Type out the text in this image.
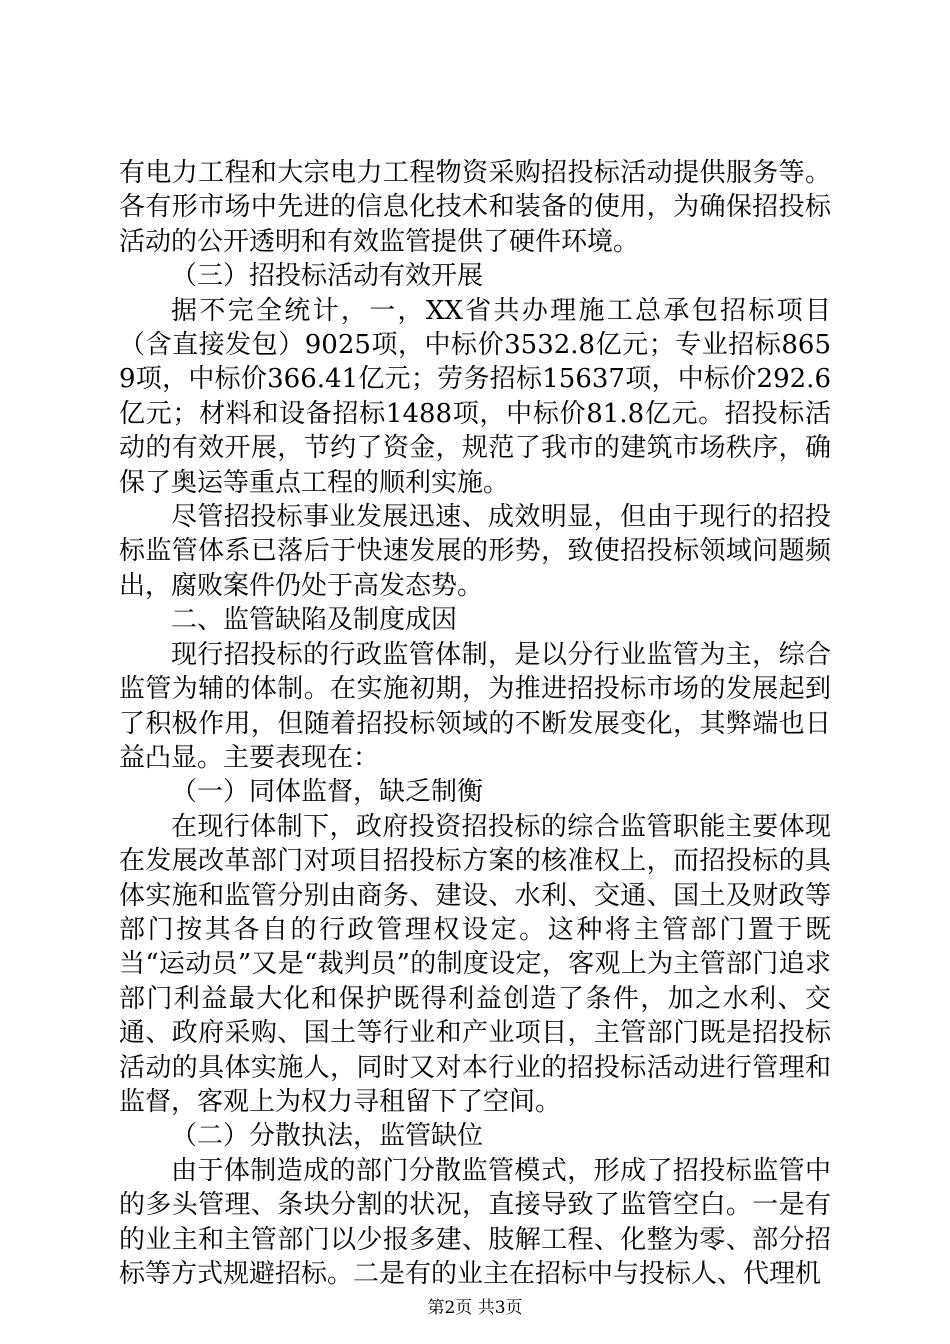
有电力工程和大宗电力工程物资采购招投标活动提供服务等。各有形市场中先进的信息化技术和装备的使用，为确保招投标活动的公开透明和有效监管提供了硬件环境。

（三）招投标活动有效开展

据不完全统计，一，XX省共办理施工总承包招标项目（含直接发包）9025项，中标价3532.8亿元；专业招标8659项，中标价366.41亿元；劳务招标15637项，中标价292.6亿元；材料和设备招标1488项，中标价81.8亿元。招投标活动的有效开展，节约了资金，规范了我市的建筑市场秩序，确保了奥运等重点工程的顺利实施。

尽管招投标事业发展迅速、成效明显，但由于现行的招投标监管体系已落后于快速发展的形势，致使招投标领域问题频出，腐败案件仍处于高发态势。

二、监管缺陷及制度成因

现行招投标的行政监管体制，是以分行业监管为主，综合监管为辅的体制。在实施初期，为推进招投标市场的发展起到了积极作用，但随着招投标领域的不断发展变化，其弊端也日益凸显。主要表现在：

（一）同体监督，缺乏制衡

在现行体制下，政府投资招投标的综合监管职能主要体现在发展改革部门对项目招投标方案的核准权上，而招投标的具体实施和监管分别由商务、建设、水利、交通、国土及财政等部门按其各自的行政管理权设定。这种将主管部门置于既当“运动员”又是“裁判员”的制度设定，客观上为主管部门追求部门利益最大化和保护既得利益创造了条件，加之水利、交通、政府采购、国土等行业和产业项目，主管部门既是招投标活动的具体实施人，同时又对本行业的招投标活动进行管理和监督，客观上为权力寻租留下了空间。

（二）分散执法，监管缺位

由于体制造成的部门分散监管模式，形成了招投标监管中的多头管理、条块分割的状况，直接导致了监管空白。一是有的业主和主管部门以少报多建、肢解工程、化整为零、部分招标等方式规避招标。二是有的业主在招标中与投标人、代理机

第2页 共3页
